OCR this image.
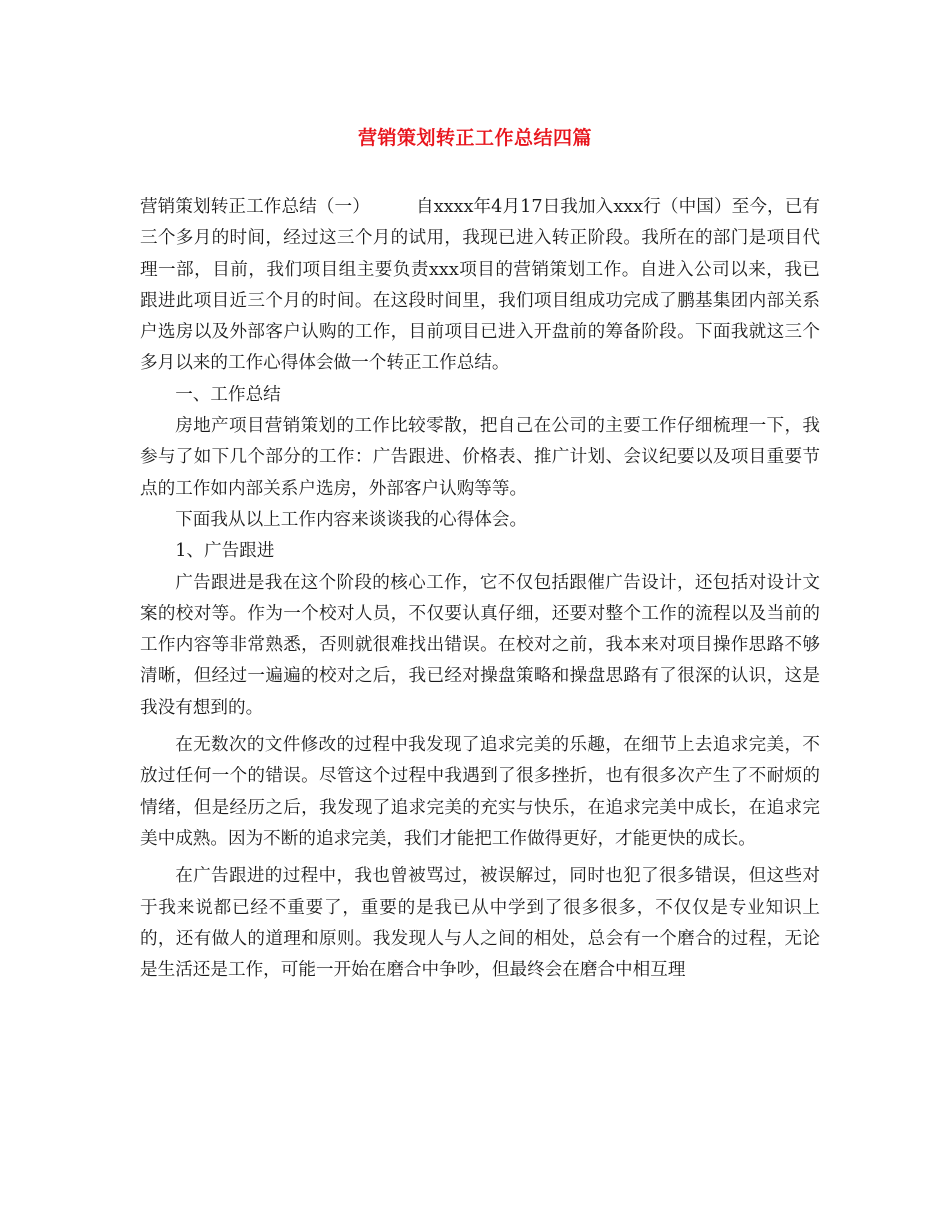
营销策划转正工作总结四篇

营销策划转正工作总结（一）	自xxxx年4月17日我加入xxx行（中国）至今，已有三个多月的时间，经过这三个月的试用，我现已进入转正阶段。我所在的部门是项目代理一部，目前，我们项目组主要负责xxx项目的营销策划工作。自进入公司以来，我已跟进此项目近三个月的时间。在这段时间里，我们项目组成功完成了鹏基集团内部关系户选房以及外部客户认购的工作，目前项目已进入开盘前的筹备阶段。下面我就这三个多月以来的工作心得体会做一个转正工作总结。

一、工作总结

房地产项目营销策划的工作比较零散，把自己在公司的主要工作仔细梳理一下，我参与了如下几个部分的工作：广告跟进、价格表、推广计划、会议纪要以及项目重要节点的工作如内部关系户选房，外部客户认购等等。

下面我从以上工作内容来谈谈我的心得体会。

1、广告跟进

广告跟进是我在这个阶段的核心工作，它不仅包括跟催广告设计，还包括对设计文案的校对等。作为一个校对人员，不仅要认真仔细，还要对整个工作的流程以及当前的工作内容等非常熟悉，否则就很难找出错误。在校对之前，我本来对项目操作思路不够清晰，但经过一遍遍的校对之后，我已经对操盘策略和操盘思路有了很深的认识，这是我没有想到的。

在无数次的文件修改的过程中我发现了追求完美的乐趣，在细节上去追求完美，不放过任何一个的错误。尽管这个过程中我遇到了很多挫折，也有很多次产生了不耐烦的情绪，但是经历之后，我发现了追求完美的充实与快乐，在追求完美中成长，在追求完美中成熟。因为不断的追求完美，我们才能把工作做得更好，才能更快的成长。

在广告跟进的过程中，我也曾被骂过，被误解过，同时也犯了很多错误，但这些对于我来说都已经不重要了，重要的是我已从中学到了很多很多，不仅仅是专业知识上的，还有做人的道理和原则。我发现人与人之间的相处，总会有一个磨合的过程，无论是生活还是工作，可能一开始在磨合中争吵，但最终会在磨合中相互理
